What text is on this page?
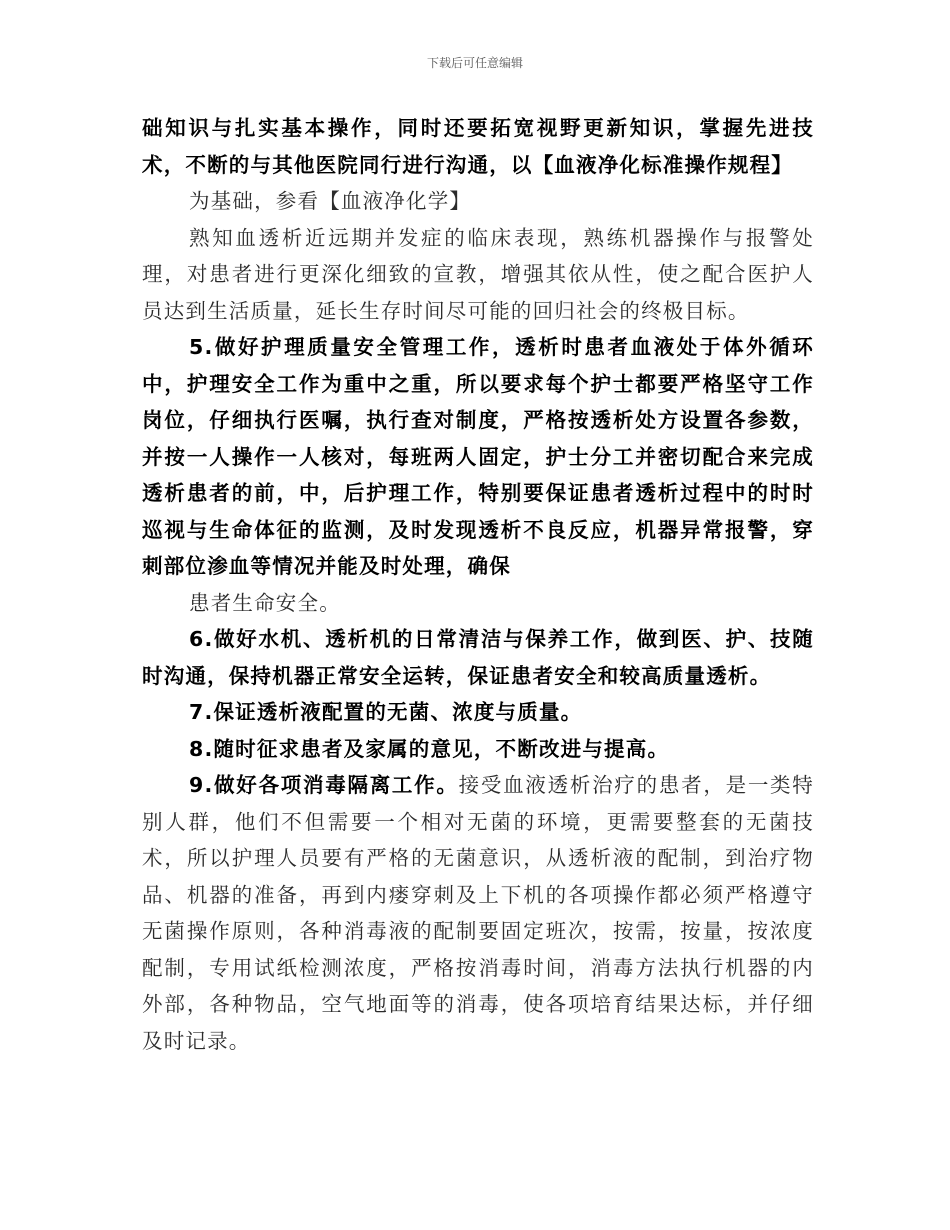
下载后可任意编辑

础知识与扎实基本操作，同时还要拓宽视野更新知识，掌握先进技术，不断的与其他医院同行进行沟通，以【血液净化标准操作规程】

为基础，参看【血液净化学】

熟知血透析近远期并发症的临床表现，熟练机器操作与报警处理，对患者进行更深化细致的宣教，增强其依从性，使之配合医护人员达到生活质量，延长生存时间尽可能的回归社会的终极目标。

5.做好护理质量安全管理工作，透析时患者血液处于体外循环中，护理安全工作为重中之重，所以要求每个护士都要严格坚守工作岗位，仔细执行医嘱，执行查对制度，严格按透析处方设置各参数，并按一人操作一人核对，每班两人固定，护士分工并密切配合来完成透析患者的前，中，后护理工作，特别要保证患者透析过程中的时时巡视与生命体征的监测，及时发现透析不良反应，机器异常报警，穿刺部位渗血等情况并能及时处理，确保

患者生命安全。

6.做好水机、透析机的日常清洁与保养工作，做到医、护、技随时沟通，保持机器正常安全运转，保证患者安全和较高质量透析。

7.保证透析液配置的无菌、浓度与质量。

8.随时征求患者及家属的意见，不断改进与提高。

9.做好各项消毒隔离工作。接受血液透析治疗的患者，是一类特别人群，他们不但需要一个相对无菌的环境，更需要整套的无菌技术，所以护理人员要有严格的无菌意识，从透析液的配制，到治疗物品、机器的准备，再到内瘘穿刺及上下机的各项操作都必须严格遵守无菌操作原则，各种消毒液的配制要固定班次，按需，按量，按浓度配制，专用试纸检测浓度，严格按消毒时间，消毒方法执行机器的内外部，各种物品，空气地面等的消毒，使各项培育结果达标，并仔细及时记录。
